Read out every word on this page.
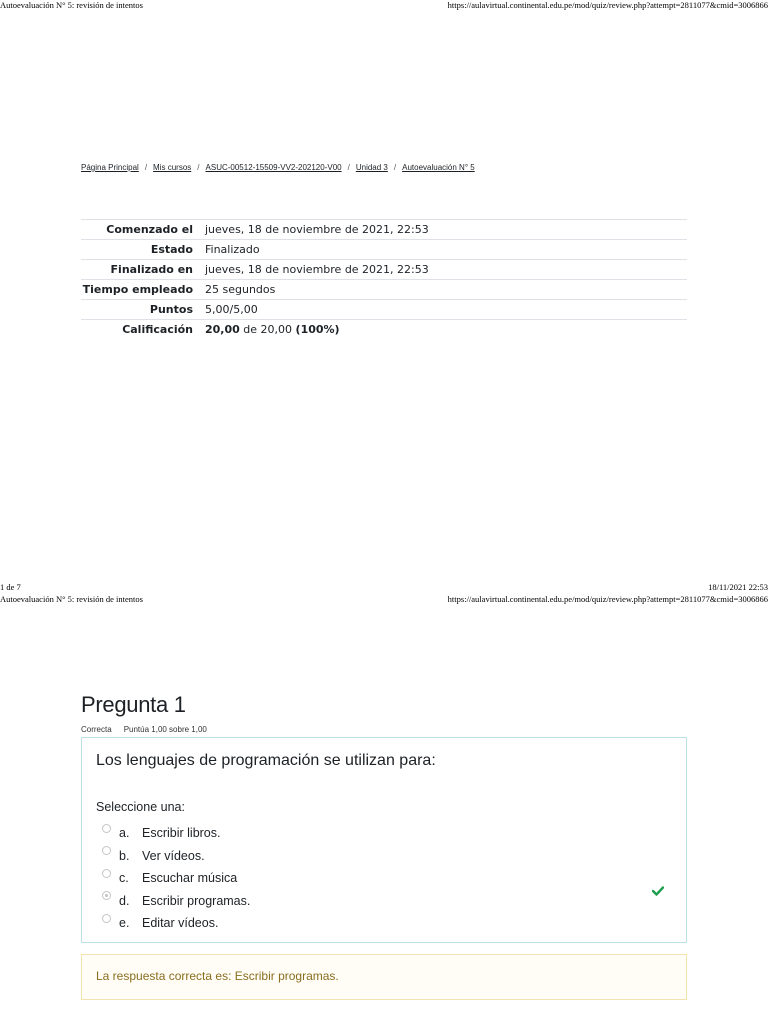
Autoevaluación N° 5: revisión de intentos	https://aulavirtual.continental.edu.pe/mod/quiz/review.php?attempt=2811077&cmid=3006866
Página Principal / Mis cursos / ASUC-00512-15509-VV2-202120-V00 / Unidad 3 / Autoevaluación N° 5
Comenzado el	jueves, 18 de noviembre de 2021, 22:53
Estado	Finalizado
Finalizado en	jueves, 18 de noviembre de 2021, 22:53
Tiempo empleado	25 segundos
Puntos	5,00/5,00
Calificación	20,00 de 20,00 (100%)
1 de 7	18/11/2021 22:53
Autoevaluación N° 5: revisión de intentos	https://aulavirtual.continental.edu.pe/mod/quiz/review.php?attempt=2811077&cmid=3006866
Pregunta 1
Correcta Puntúa 1,00 sobre 1,00
Los lenguajes de programación se utilizan para:
Seleccione una:
a.	Escribir libros.
b.	Ver vídeos.
c.	Escuchar música
d.	Escribir programas.
e.	Editar vídeos.
La respuesta correcta es: Escribir programas.
